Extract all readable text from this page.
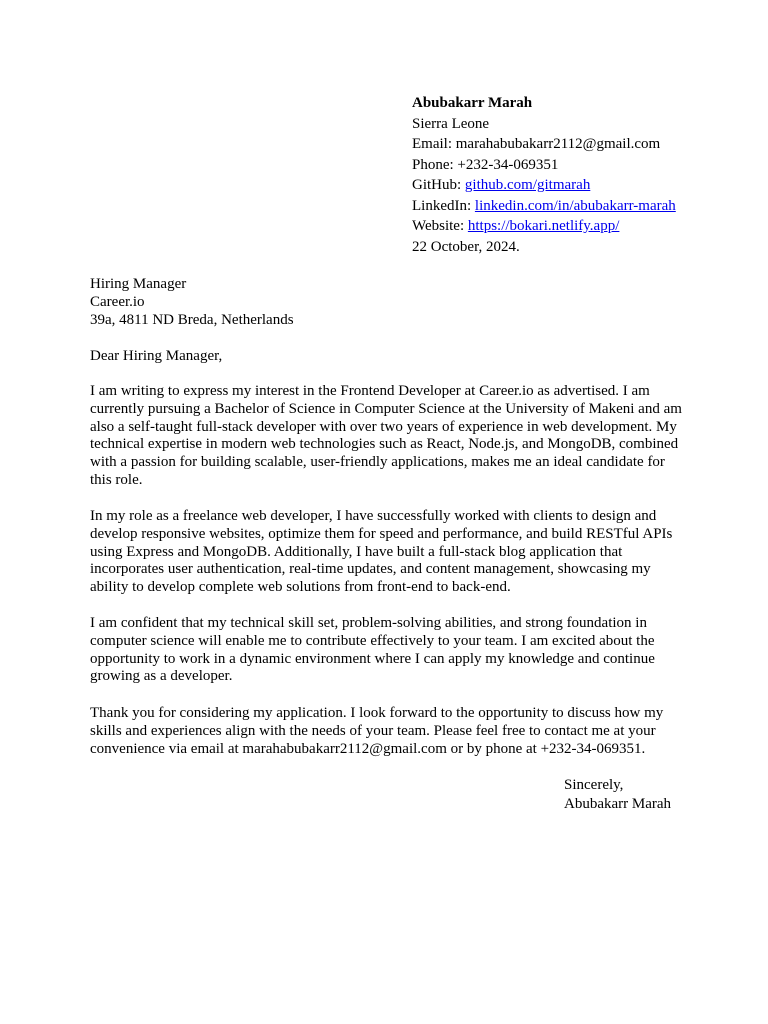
Abubakarr Marah
Sierra Leone
Email: marahabubakarr2112@gmail.com
Phone: +232-34-069351
GitHub: github.com/gitmarah
LinkedIn: linkedin.com/in/abubakarr-marah
Website: https://bokari.netlify.app/
22 October, 2024.
Hiring Manager
Career.io
39a, 4811 ND Breda, Netherlands
Dear Hiring Manager,

I am writing to express my interest in the Frontend Developer at Career.io as advertised. I am currently pursuing a Bachelor of Science in Computer Science at the University of Makeni and am also a self-taught full-stack developer with over two years of experience in web development. My technical expertise in modern web technologies such as React, Node.js, and MongoDB, combined with a passion for building scalable, user-friendly applications, makes me an ideal candidate for this role.

In my role as a freelance web developer, I have successfully worked with clients to design and develop responsive websites, optimize them for speed and performance, and build RESTful APIs using Express and MongoDB. Additionally, I have built a full-stack blog application that incorporates user authentication, real-time updates, and content management, showcasing my ability to develop complete web solutions from front-end to back-end.

I am confident that my technical skill set, problem-solving abilities, and strong foundation in computer science will enable me to contribute effectively to your team. I am excited about the opportunity to work in a dynamic environment where I can apply my knowledge and continue growing as a developer.

Thank you for considering my application. I look forward to the opportunity to discuss how my skills and experiences align with the needs of your team. Please feel free to contact me at your convenience via email at marahabubakarr2112@gmail.com or by phone at +232-34-069351.

Sincerely,
Abubakarr Marah
